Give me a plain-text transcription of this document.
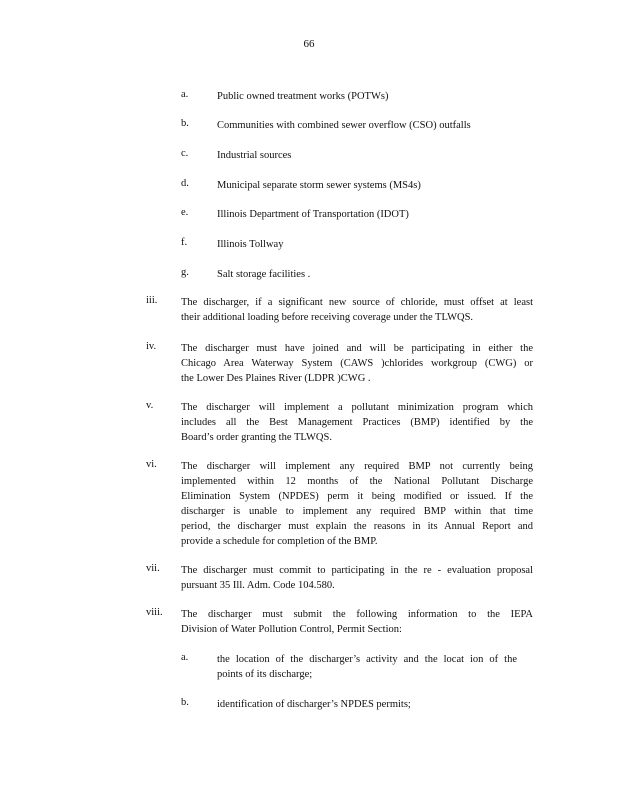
66
a.	Public owned treatment works (POTWs)
b.	Communities with combined sewer overflow (CSO) outfalls
c.	Industrial sources
d.	Municipal separate storm sewer systems (MS4s)
e.	Illinois Department of Transportation (IDOT)
f.	Illinois Tollway
g.	Salt storage facilities .
iii. The discharger, if a significant new source of chloride, must offset at least
their additional loading before receiving coverage under the TLWQS.
iv. The discharger must have joined and will be participating in either the
Chicago Area Waterway System (CAWS )chlorides workgroup (CWG) or
the Lower Des Plaines River (LDPR )CWG .
v.	The discharger will implement a pollutant minimization program which
includes all the Best Management Practices (BMP) identified by the
Board’s order granting the TLWQS.
vi. The discharger will implement any required BMP not currently being
implemented within 12 months of the National Pollutant Discharge
Elimination System (NPDES) perm it being modified or issued. If the
discharger is unable to implement any required BMP within that time
period, the discharger must explain the reasons in its Annual Report and
provide a schedule for completion of the BMP.
vii. The discharger must commit to participating in the re - evaluation proposal
pursuant 35 Ill. Adm. Code 104.580.
viii. The discharger must submit the following information to the IEPA
Division of Water Pollution Control, Permit Section:
a.	the location of the discharger’s activity and the locat ion of the
points of its discharge;
b.	identification of discharger’s NPDES permits;
